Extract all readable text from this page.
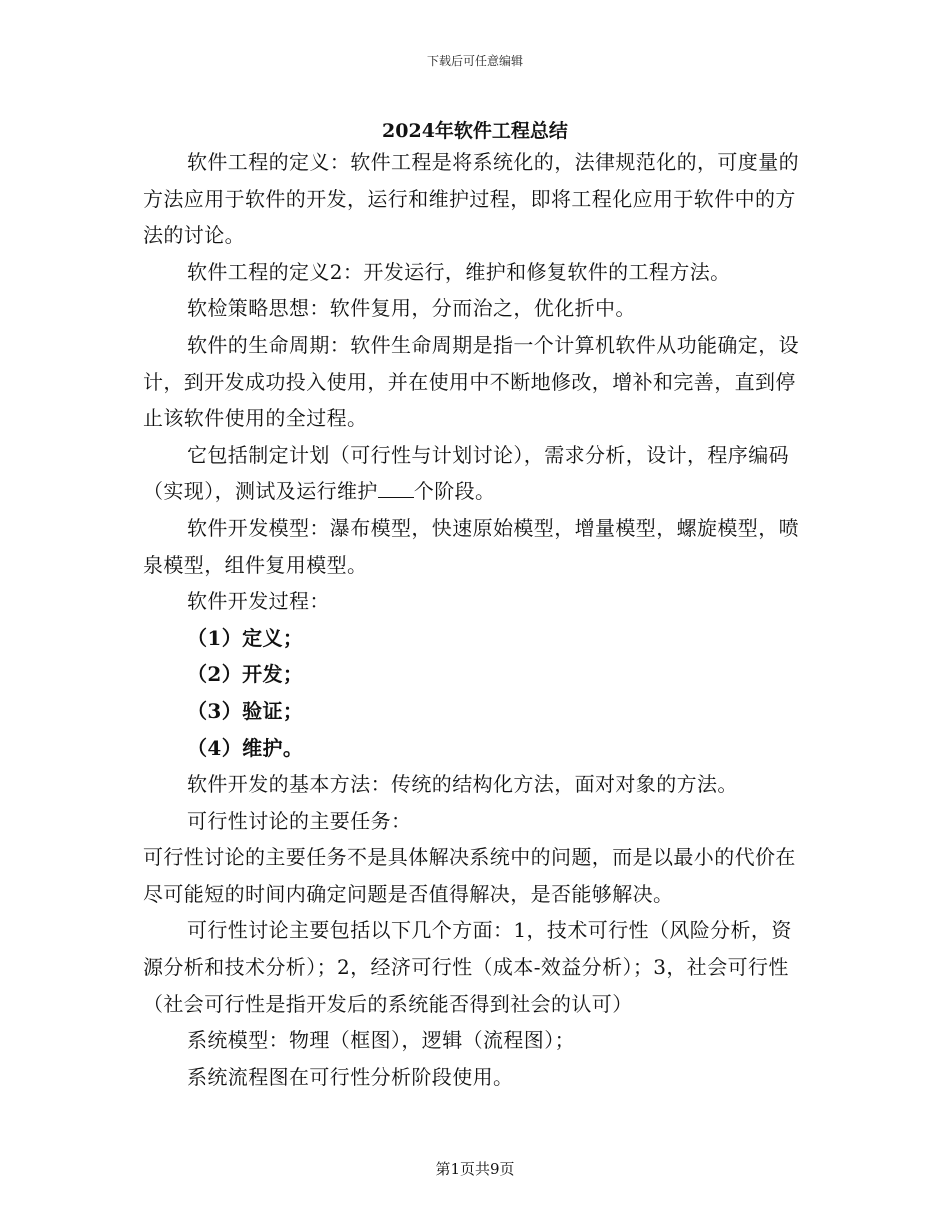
下载后可任意编辑
2024年软件工程总结

软件工程的定义：软件工程是将系统化的，法律规范化的，可度量的方法应用于软件的开发，运行和维护过程，即将工程化应用于软件中的方法的讨论。

软件工程的定义2：开发运行，维护和修复软件的工程方法。

软检策略思想：软件复用，分而治之，优化折中。

软件的生命周期：软件生命周期是指一个计算机软件从功能确定，设计，到开发成功投入使用，并在使用中不断地修改，增补和完善，直到停止该软件使用的全过程。

它包括制定计划（可行性与计划讨论），需求分析，设计，程序编码（实现），测试及运行维护 个阶段。

软件开发模型：瀑布模型，快速原始模型，增量模型，螺旋模型，喷泉模型，组件复用模型。

软件开发过程：

（1）定义；

（2）开发；

（3）验证；

（4）维护。

软件开发的基本方法：传统的结构化方法，面对对象的方法。

可行性讨论的主要任务：

可行性讨论的主要任务不是具体解决系统中的问题，而是以最小的代价在尽可能短的时间内确定问题是否值得解决，是否能够解决。

可行性讨论主要包括以下几个方面：1，技术可行性（风险分析，资源分析和技术分析）；2，经济可行性（成本-效益分析）；3，社会可行性（社会可行性是指开发后的系统能否得到社会的认可）

系统模型：物理（框图），逻辑（流程图）；

系统流程图在可行性分析阶段使用。

第1页共9页
